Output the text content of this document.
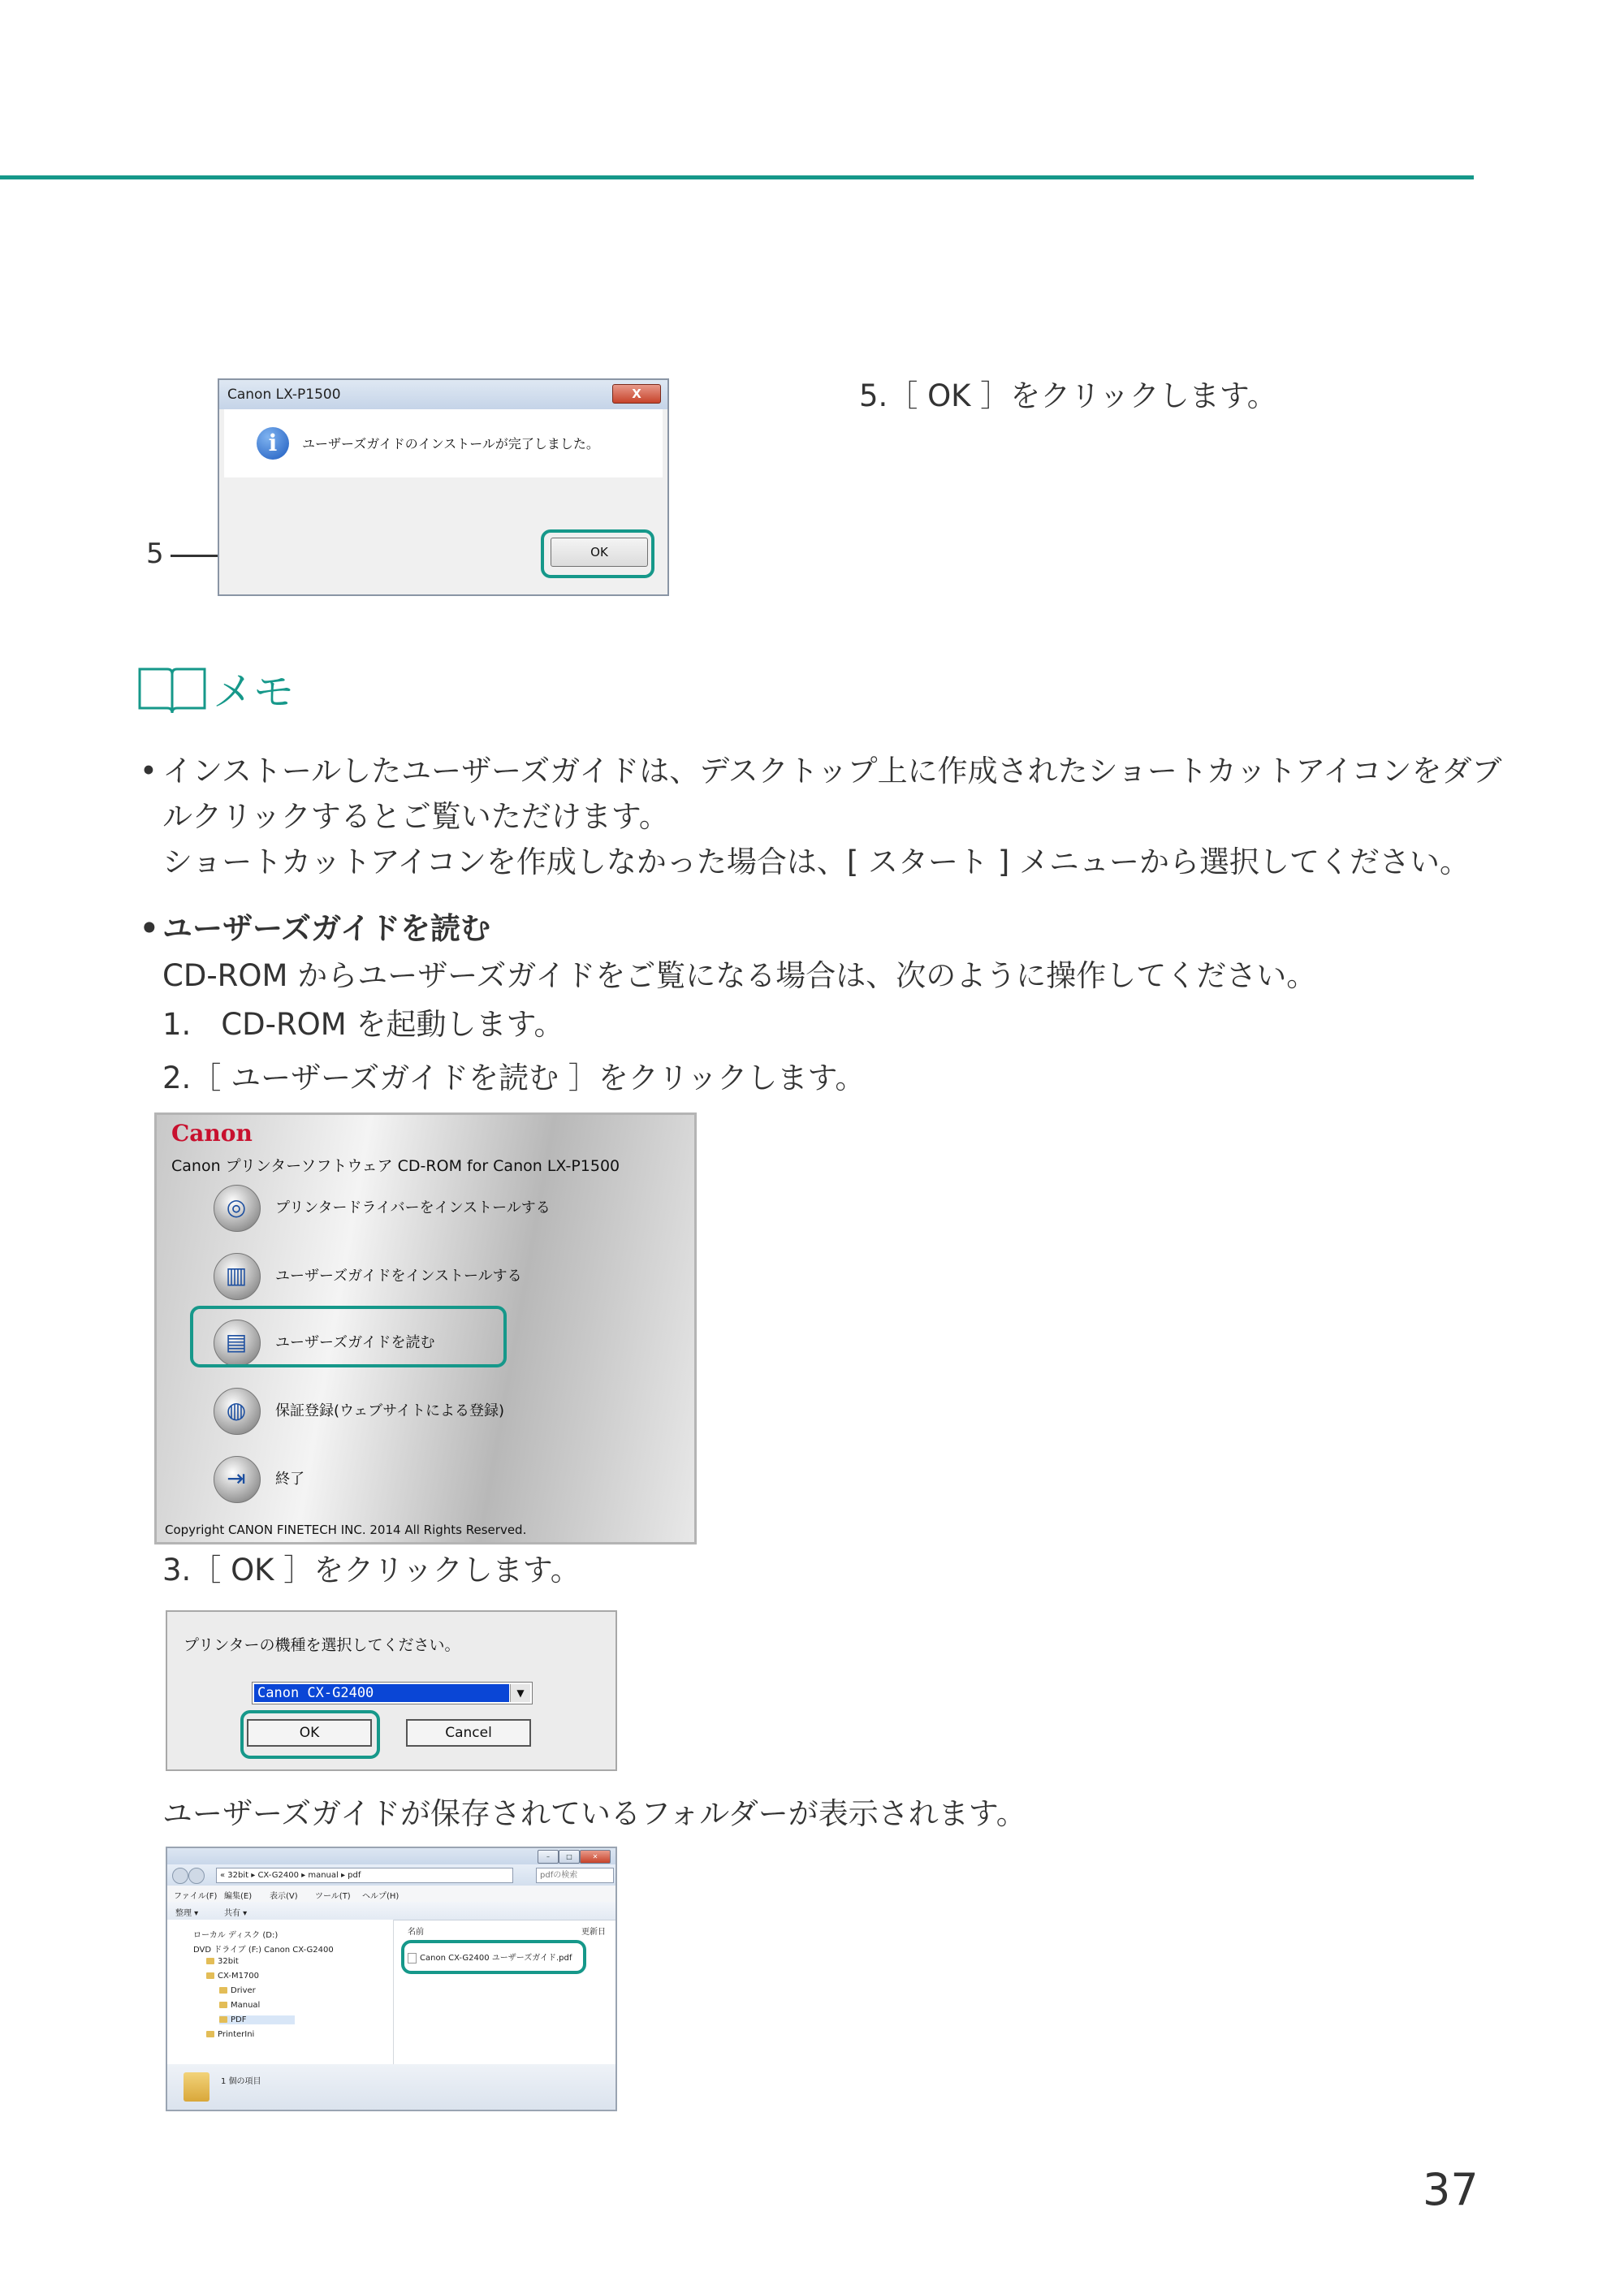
5.［ OK ］をクリックします。
5
Canon LX-P1500	X
i	ユーザーズガイドのインストールが完了しました。
OK
メモ
• インストールしたユーザーズガイドは、デスクトップ上に作成されたショートカットアイコンをダブ
ルクリックするとご覧いただけます。
ショートカットアイコンを作成しなかった場合は、[ スタート ] メニューから選択してください。
• ユーザーズガイドを読む
CD-ROM からユーザーズガイドをご覧になる場合は、次のように操作してください。
1.　CD-ROM を起動します。
2.［ ユーザーズガイドを読む ］をクリックします。
Canon
Canon プリンターソフトウェア CD-ROM for Canon LX-P1500
◎	プリンタードライバーをインストールする
▥	ユーザーズガイドをインストールする
▤	ユーザーズガイドを読む
◍	保証登録(ウェブサイトによる登録)
⇥	終了
Copyright CANON FINETECH INC. 2014 All Rights Reserved.
3.［ OK ］をクリックします。
プリンターの機種を選択してください。
Canon CX-G2400	▼
OK	Cancel
ユーザーズガイドが保存されているフォルダーが表示されます。
–	□	✕
« 32bit ▸ CX-G2400 ▸ manual ▸ pdf	pdfの検索
ファイル(F) 編集(E) 表示(V) ツール(T) ヘルプ(H)
整理 ▾	共有 ▾
ローカル ディスク (D:)
DVD ドライブ (F:) Canon CX-G2400
32bit
CX-M1700
Driver
Manual
PDF
PrinterIni
名前	更新日
Canon CX-G2400 ユーザーズガイド.pdf
1 個の項目
37
